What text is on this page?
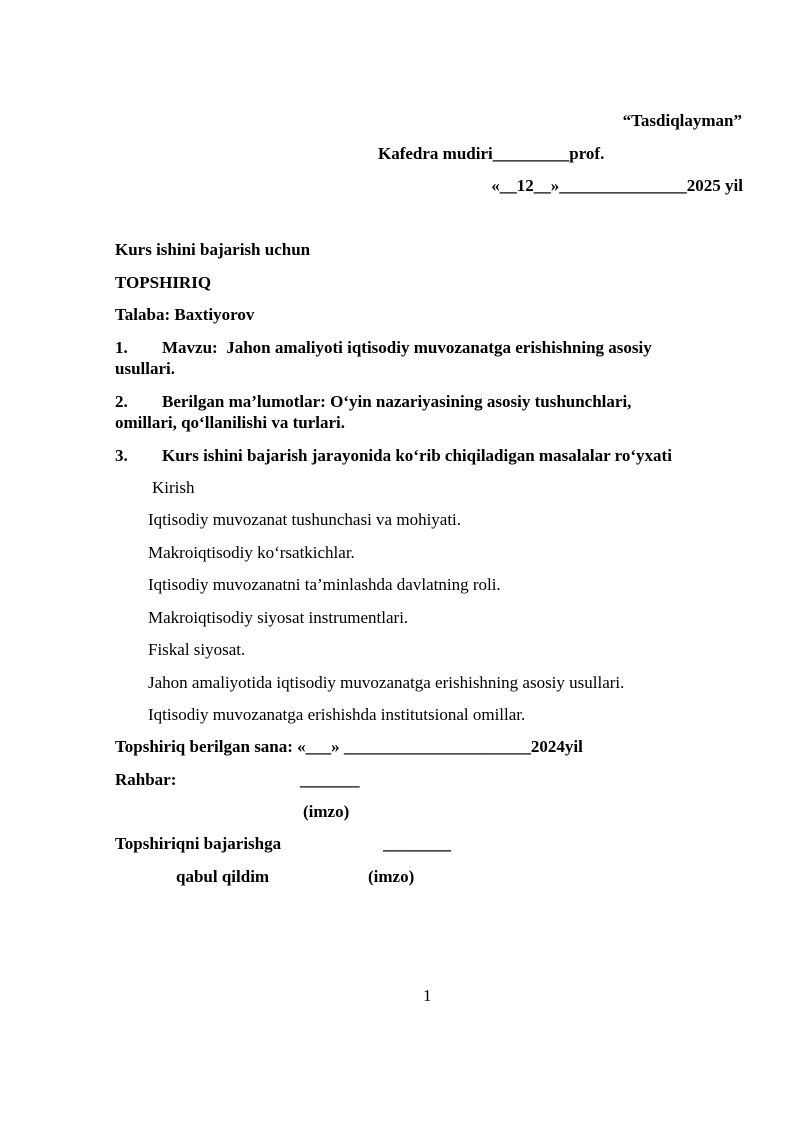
“Tasdiqlayman”
Kafedra mudiri_________prof.
«__12__»_______________2025 yil
Kurs ishini bajarish uchun
TOPSHIRIQ
Talaba: Baxtiyorov
1. Mavzu:  Jahon amaliyoti iqtisodiy muvozanatga erishishning asosiy
usullari.
2. Berilgan ma’lumotlar: O‘yin nazariyasining asosiy tushunchlari,
omillari, qo‘llanilishi va turlari.
3. Kurs ishini bajarish jarayonida ko‘rib chiqiladigan masalalar ro‘yxati
Kirish
Iqtisodiy muvozanat tushunchasi va mohiyati.
Makroiqtisodiy ko‘rsatkichlar.
Iqtisodiy muvozanatni ta’minlashda davlatning roli.
Makroiqtisodiy siyosat instrumentlari.
Fiskal siyosat.
Jahon amaliyotida iqtisodiy muvozanatga erishishning asosiy usullari.
Iqtisodiy muvozanatga erishishda institutsional omillar.
Topshiriq berilgan sana: «___» ______________________2024yil
Rahbar:	_______
(imzo)
Topshiriqni bajarishga	________
qabul qildim	(imzo)
1
